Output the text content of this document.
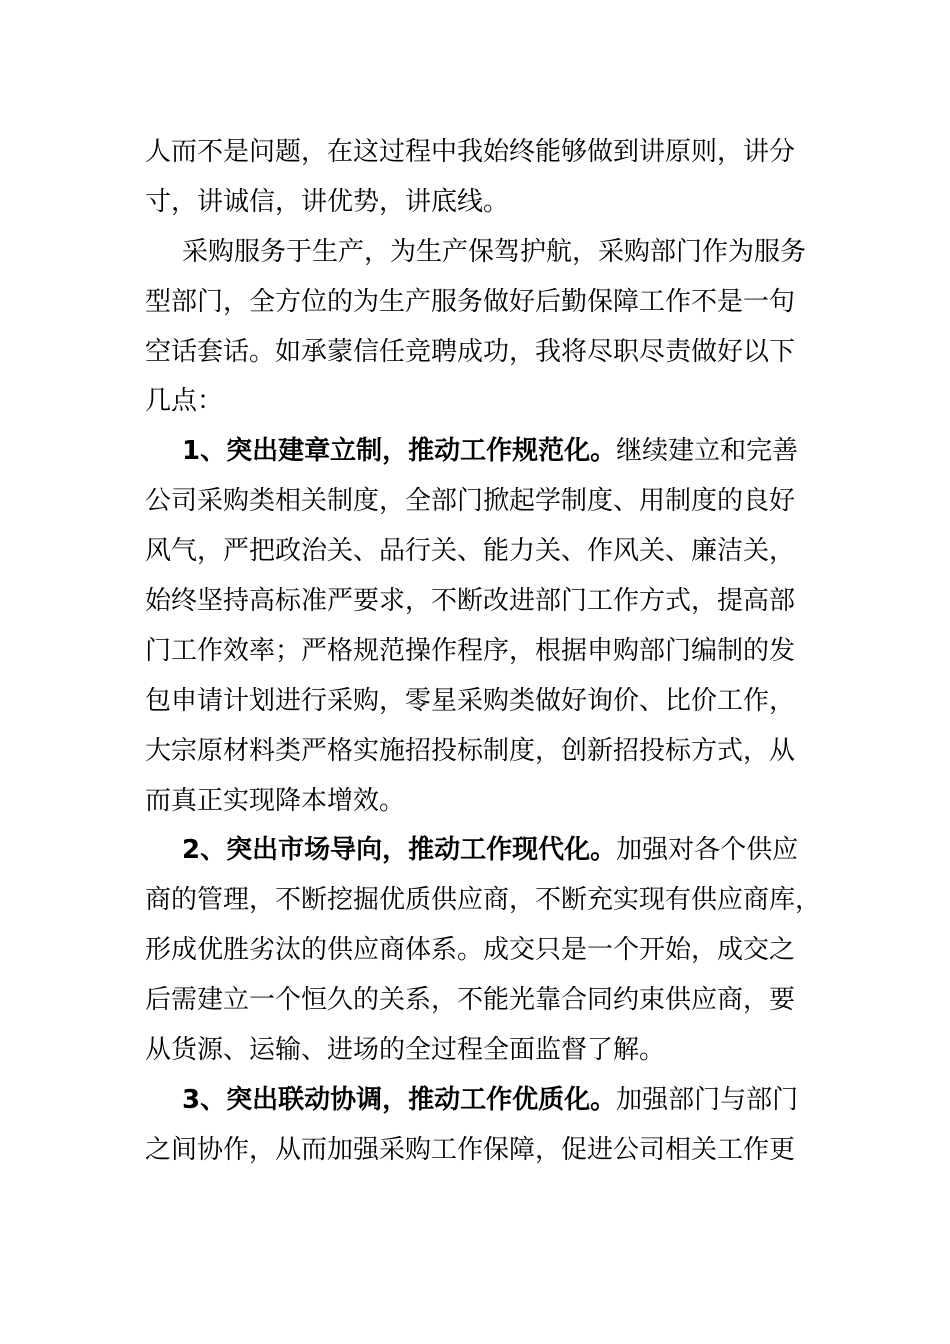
人而不是问题，在这过程中我始终能够做到讲原则，讲分
寸，讲诚信，讲优势，讲底线。
采购服务于生产，为生产保驾护航，采购部门作为服务
型部门，全方位的为生产服务做好后勤保障工作不是一句
空话套话。如承蒙信任竞聘成功，我将尽职尽责做好以下
几点：
1、突出建章立制，推动工作规范化。继续建立和完善
公司采购类相关制度，全部门掀起学制度、用制度的良好
风气，严把政治关、品行关、能力关、作风关、廉洁关，
始终坚持高标准严要求，不断改进部门工作方式，提高部
门工作效率；严格规范操作程序，根据申购部门编制的发
包申请计划进行采购，零星采购类做好询价、比价工作，
大宗原材料类严格实施招投标制度，创新招投标方式，从
而真正实现降本增效。
2、突出市场导向，推动工作现代化。加强对各个供应
商的管理，不断挖掘优质供应商，不断充实现有供应商库，
形成优胜劣汰的供应商体系。成交只是一个开始，成交之
后需建立一个恒久的关系，不能光靠合同约束供应商，要
从货源、运输、进场的全过程全面监督了解。
3、突出联动协调，推动工作优质化。加强部门与部门
之间协作，从而加强采购工作保障，促进公司相关工作更
